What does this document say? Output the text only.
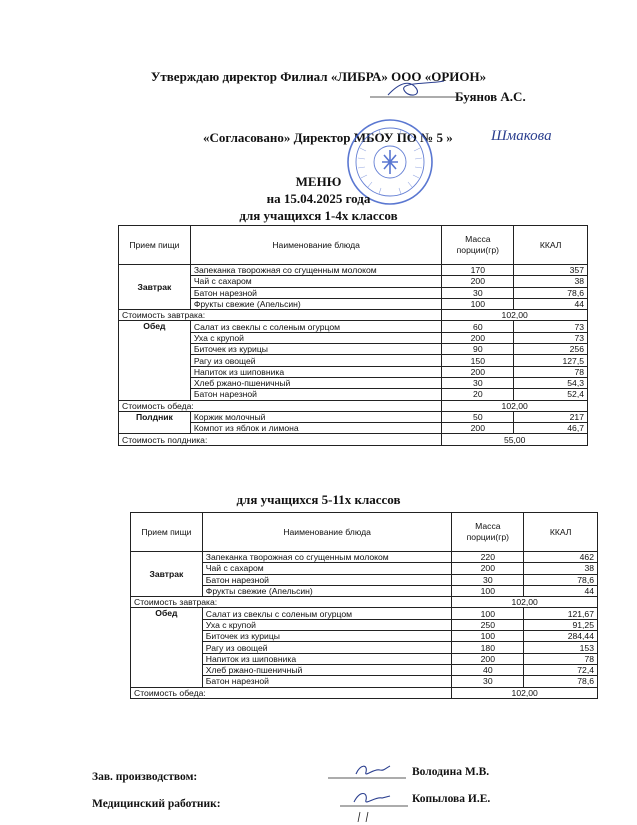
Утверждаю директор Филиал «ЛИБРА» ООО «ОРИОН»
Буянов А.С.
«Согласовано» Директор МБОУ ПО № 5 »	Шмакова
МЕНЮ
на 15.04.2025 года
для учащихся 1-4х классов
Прием пищи	Наименование блюда	Масса порции(гр)	ККАЛ
Завтрак	Запеканка творожная со сгущенным молоком	170	357
	Чай с сахаром	200	38
	Батон нарезной	30	78,6
	Фрукты свежие (Апельсин)	100	44
Стоимость завтрака:		102,00	
Обед	Салат из свеклы с соленым огурцом	60	73
	Уха с крупой	200	73
	Биточек из курицы	90	256
	Рагу из овощей	150	127,5
	Напиток из шиповника	200	78
	Хлеб ржано-пшеничный	30	54,3
	Батон нарезной	20	52,4
Стоимость обеда:		102,00	
Полдник	Коржик молочный	50	217
	Компот из яблок и лимона	200	46,7
Стоимость полдника:		55,00	
для учащихся 5-11х классов
Прием пищи	Наименование блюда	Масса порции(гр)	ККАЛ
Завтрак	Запеканка творожная со сгущенным молоком	220	462
	Чай с сахаром	200	38
	Батон нарезной	30	78,6
	Фрукты свежие (Апельсин)	100	44
Стоимость завтрака:		102,00	
Обед	Салат из свеклы с соленым огурцом	100	121,67
	Уха с крупой	250	91,25
	Биточек из курицы	100	284,44
	Рагу из овощей	180	153
	Напиток из шиповника	200	78
	Хлеб ржано-пшеничный	40	72,4
	Батон нарезной	30	78,6
Стоимость обеда:		102,00	
Зав. производством:	Володина М.В.
Медицинский работник:	Копылова И.Е.
